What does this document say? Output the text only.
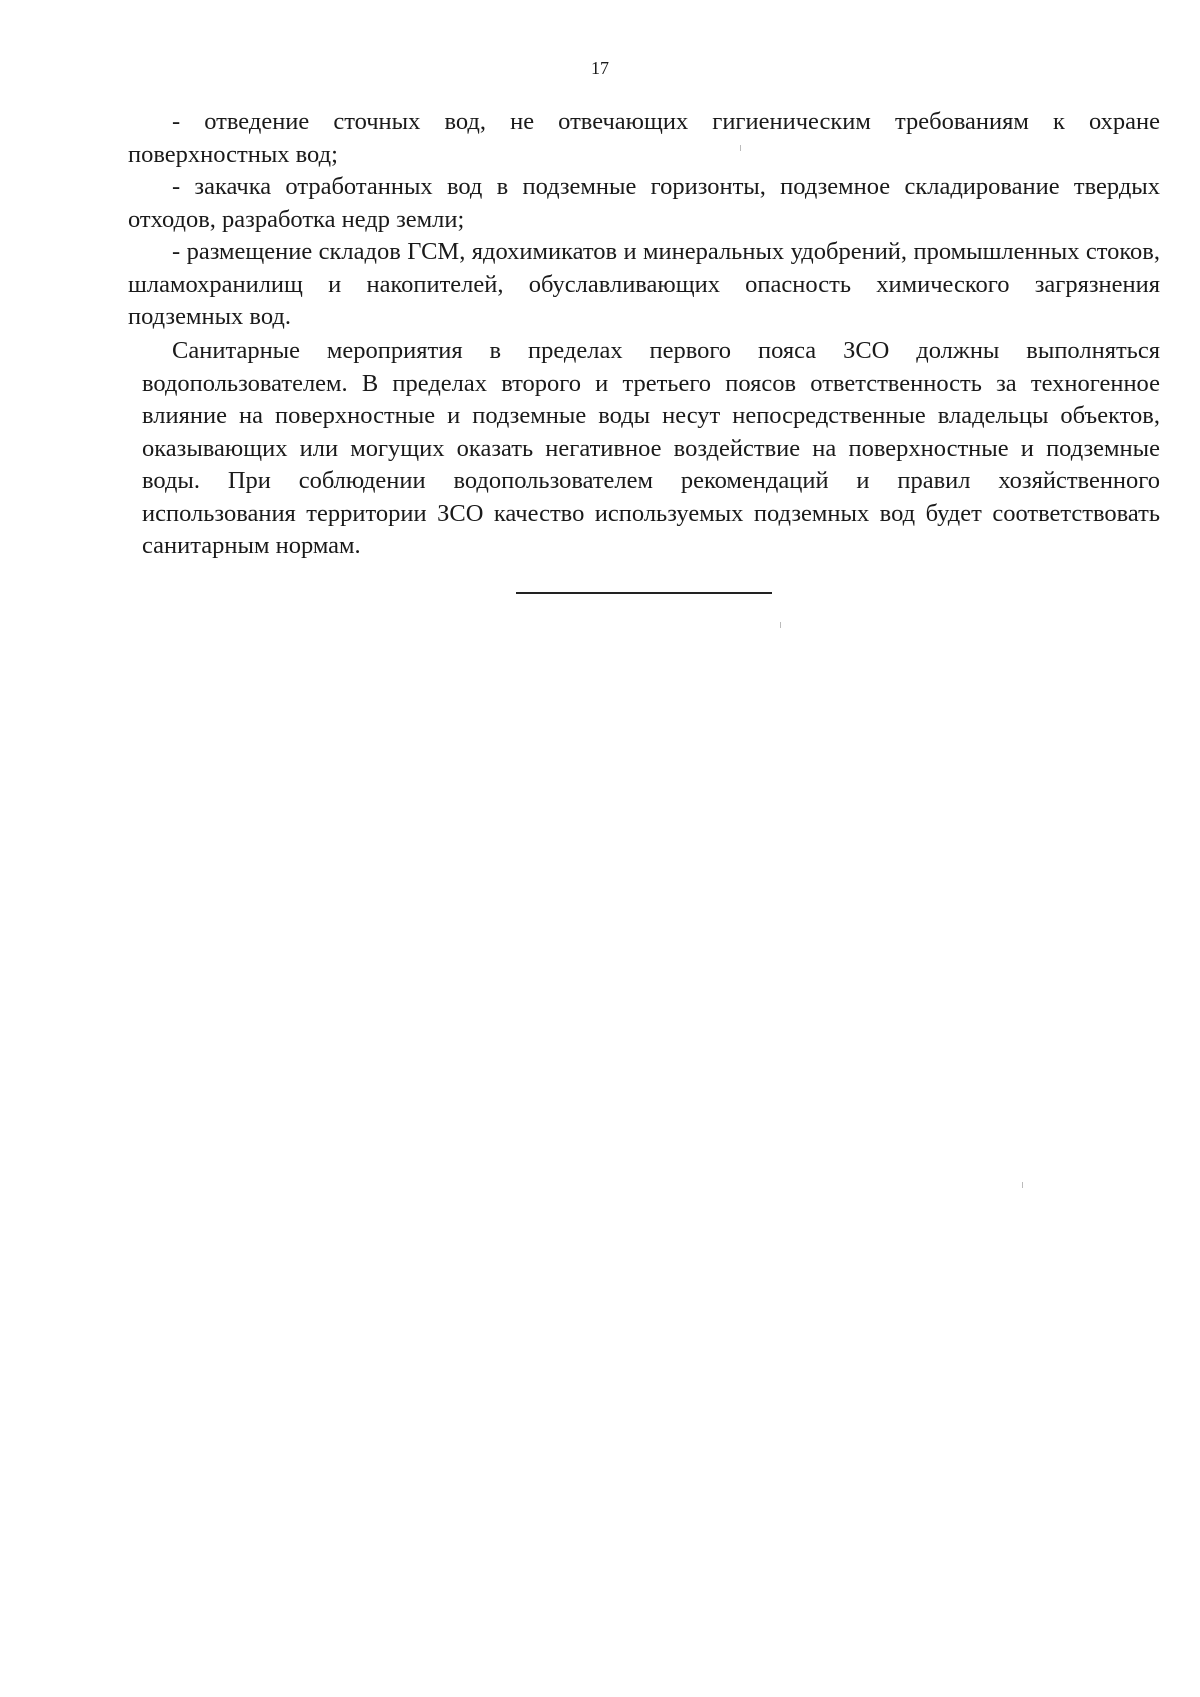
17

- отведение сточных вод, не отвечающих гигиеническим требованиям к охране поверхностных вод;

- закачка отработанных вод в подземные горизонты, подземное складирование твердых отходов, разработка недр земли;

- размещение складов ГСМ, ядохимикатов и минеральных удобрений, промышленных стоков, шламохранилищ и накопителей, обуславливающих опасность химического загрязнения подземных вод.

Санитарные мероприятия в пределах первого пояса ЗСО должны выполняться водопользователем. В пределах второго и третьего поясов ответственность за техногенное влияние на поверхностные и подземные воды несут непосредственные владельцы объектов, оказывающих или могущих оказать негативное воздействие на поверхностные и подземные воды. При соблюдении водопользователем рекомендаций и правил хозяйственного использования территории ЗСО качество используемых подземных вод будет соответствовать санитарным нормам.
